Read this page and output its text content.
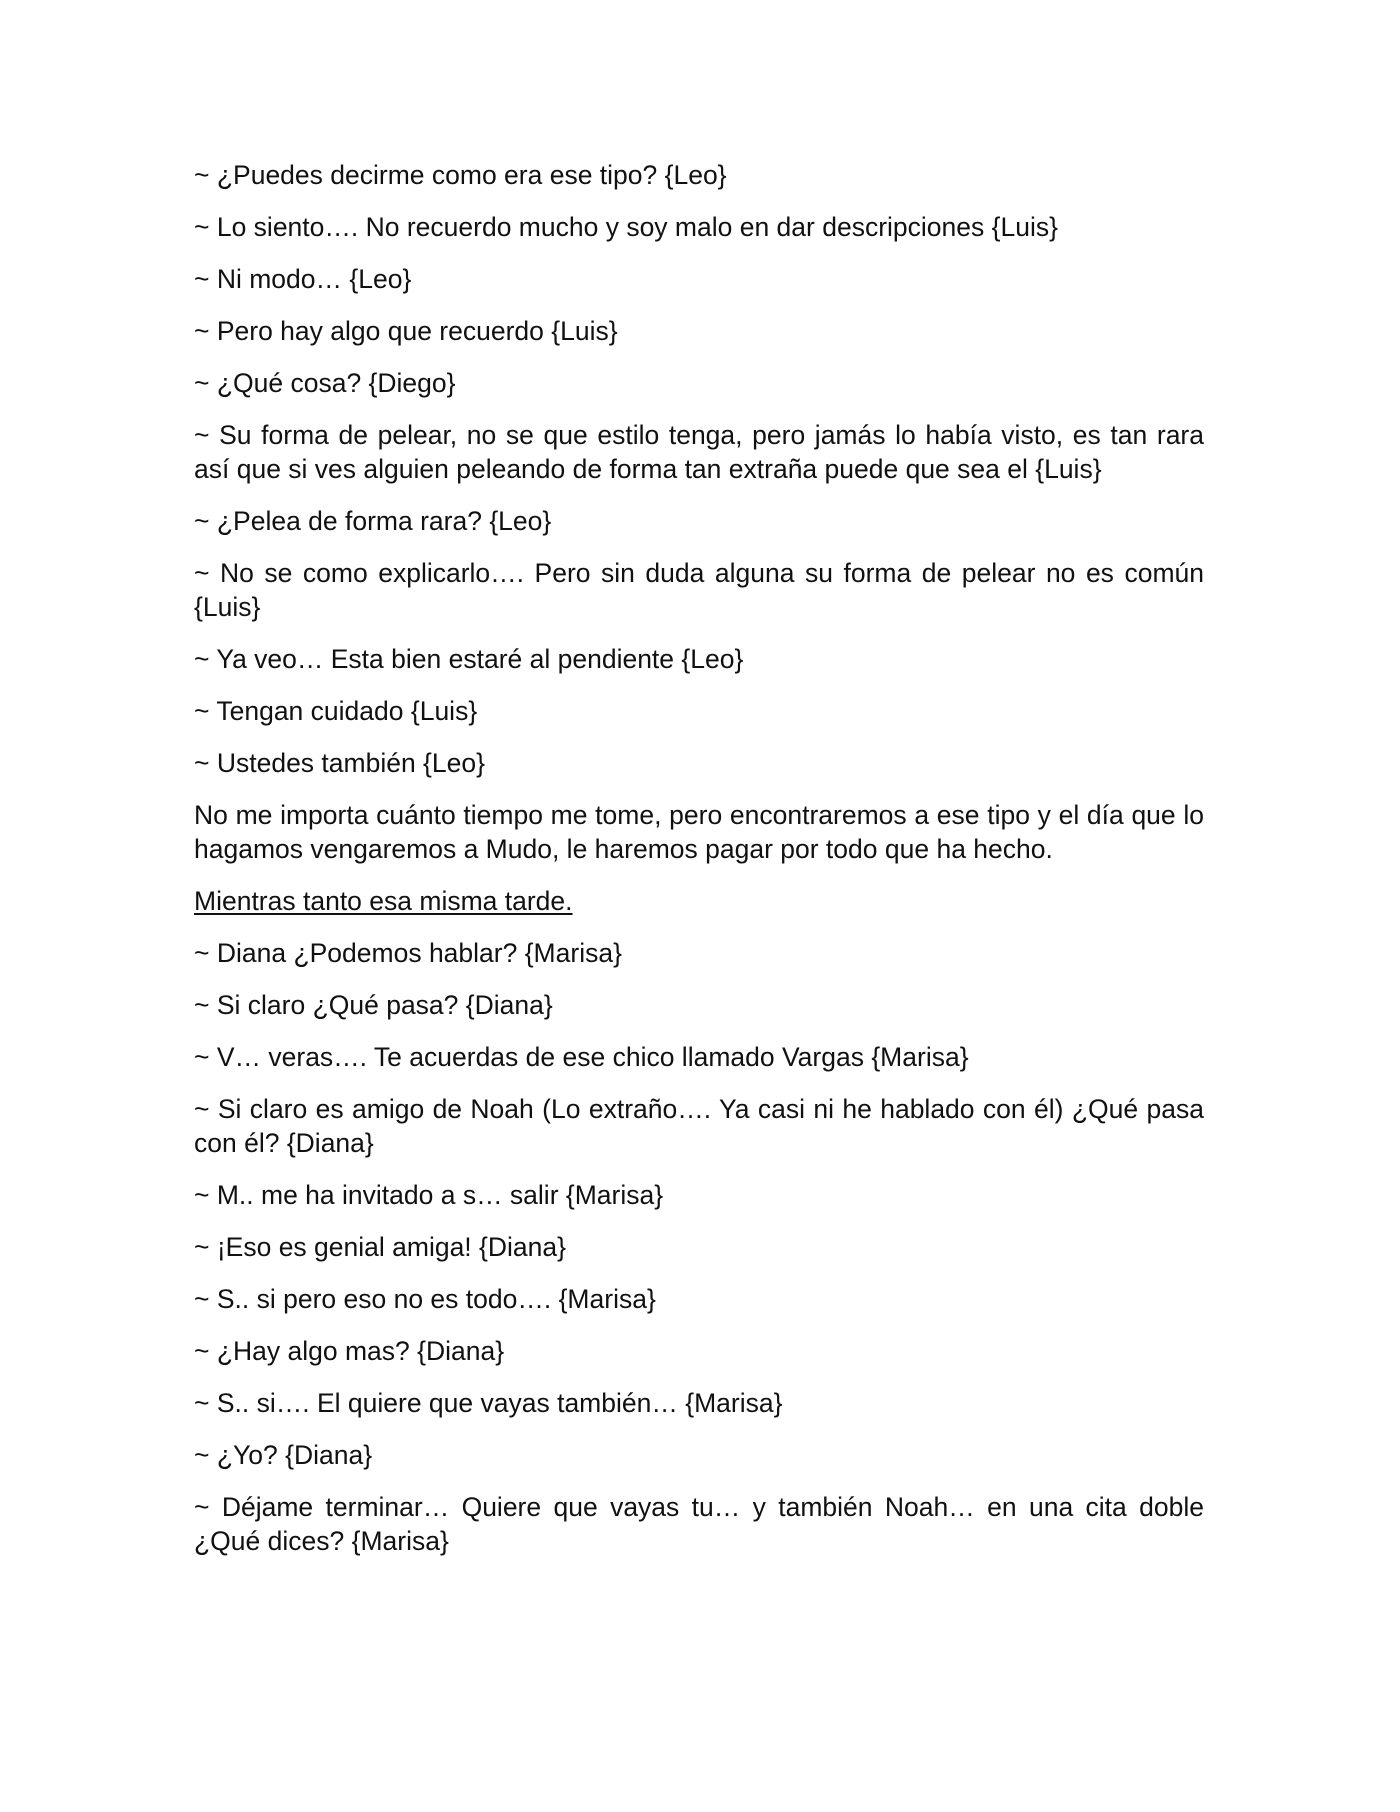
~ ¿Puedes decirme como era ese tipo? {Leo}

~ Lo siento…. No recuerdo mucho y soy malo en dar descripciones {Luis}

~ Ni modo… {Leo}

~ Pero hay algo que recuerdo {Luis}

~ ¿Qué cosa? {Diego}

~ Su forma de pelear, no se que estilo tenga, pero jamás lo había visto, es tan rara así que si ves alguien peleando de forma tan extraña puede que sea el {Luis}

~ ¿Pelea de forma rara? {Leo}

~ No se como explicarlo…. Pero sin duda alguna su forma de pelear no es común {Luis}

~ Ya veo… Esta bien estaré al pendiente {Leo}

~ Tengan cuidado {Luis}

~ Ustedes también {Leo}

No me importa cuánto tiempo me tome, pero encontraremos a ese tipo y el día que lo hagamos vengaremos a Mudo, le haremos pagar por todo que ha hecho.

Mientras tanto esa misma tarde.

~ Diana ¿Podemos hablar? {Marisa}

~ Si claro ¿Qué pasa? {Diana}

~ V… veras…. Te acuerdas de ese chico llamado Vargas {Marisa}

~ Si claro es amigo de Noah (Lo extraño…. Ya casi ni he hablado con él) ¿Qué pasa con él? {Diana}

~ M.. me ha invitado a s… salir {Marisa}

~ ¡Eso es genial amiga! {Diana}

~ S.. si pero eso no es todo…. {Marisa}

~ ¿Hay algo mas? {Diana}

~ S.. si…. El quiere que vayas también… {Marisa}

~ ¿Yo? {Diana}

~ Déjame terminar… Quiere que vayas tu… y también Noah… en una cita doble ¿Qué dices? {Marisa}
